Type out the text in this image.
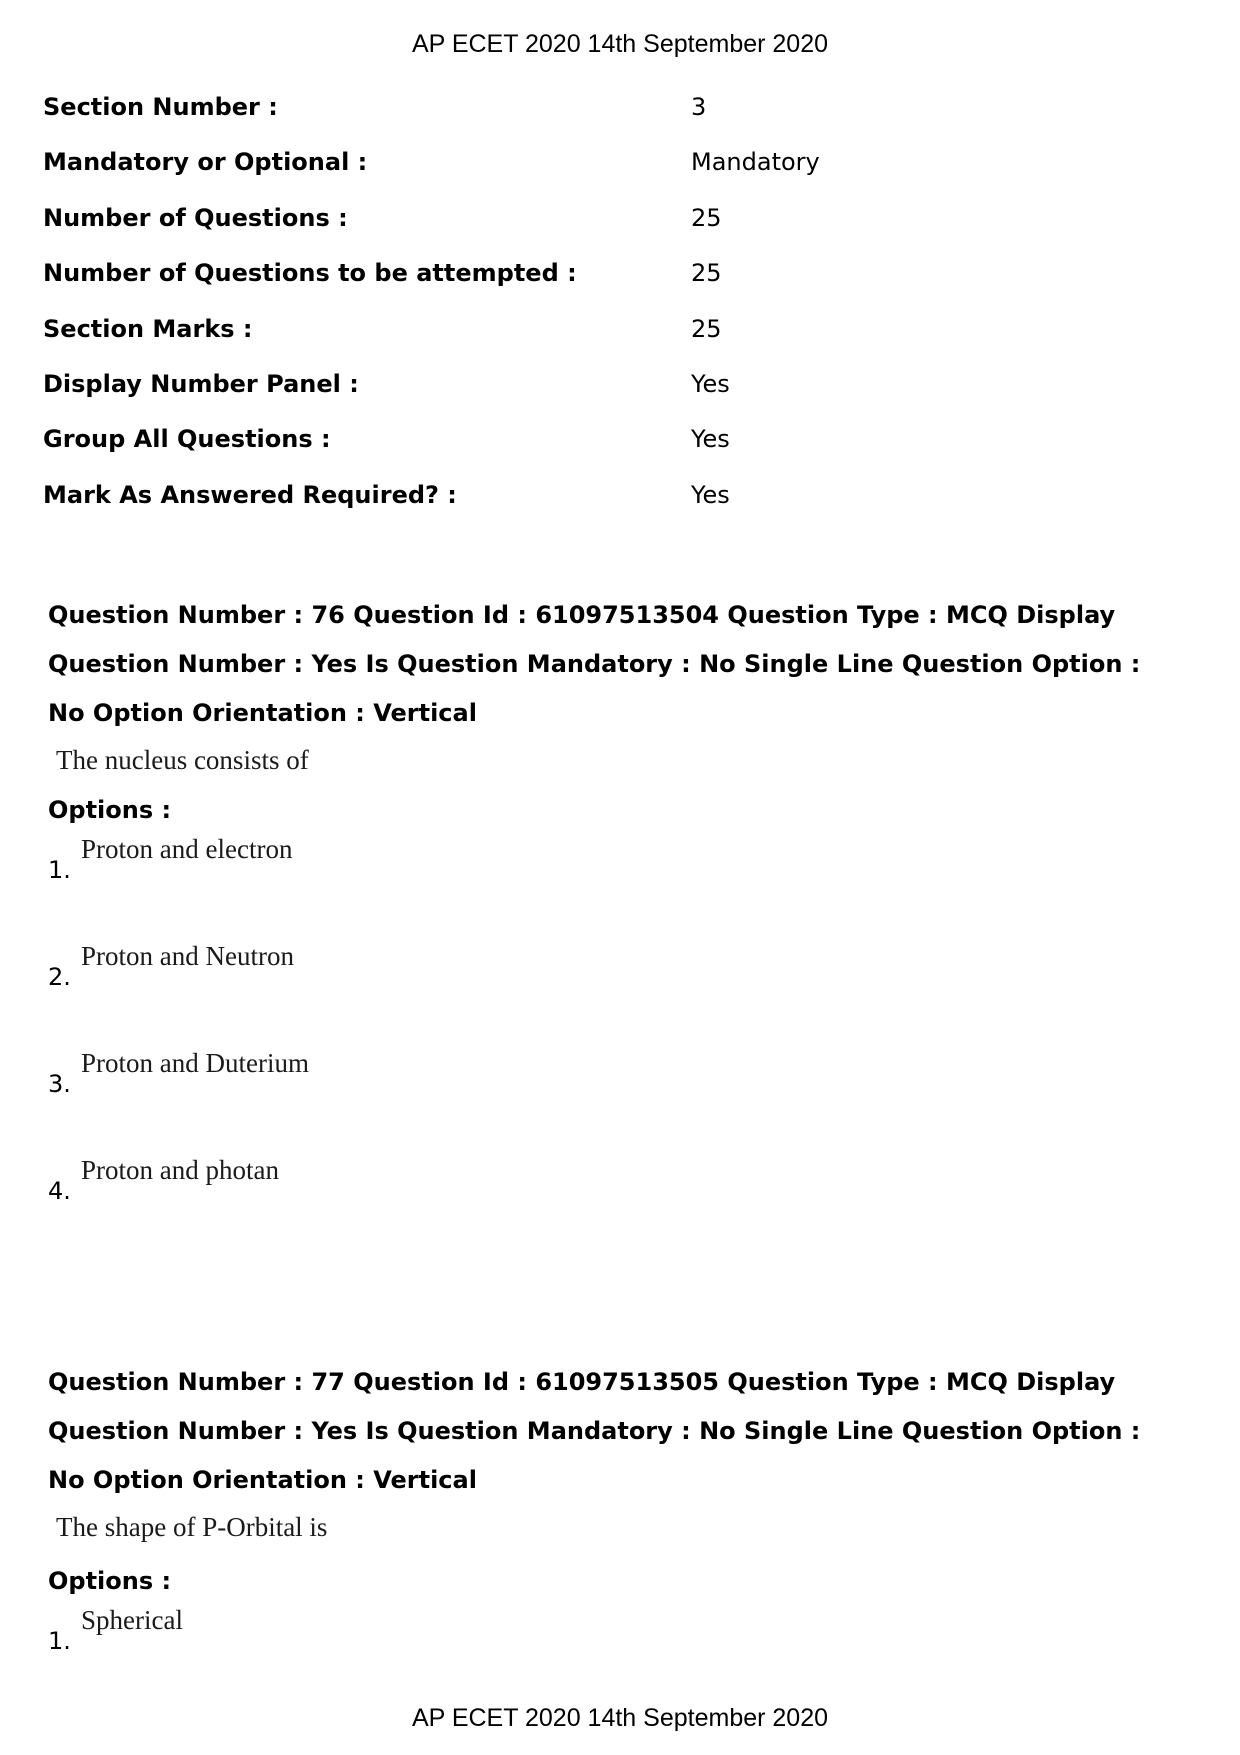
AP ECET 2020 14th September 2020
Section Number :	3
Mandatory or Optional :	Mandatory
Number of Questions :	25
Number of Questions to be attempted :	25
Section Marks :	25
Display Number Panel :	Yes
Group All Questions :	Yes
Mark As Answered Required? :	Yes
Question Number : 76 Question Id : 61097513504 Question Type : MCQ Display Question Number : Yes Is Question Mandatory : No Single Line Question Option : No Option Orientation : Vertical
The nucleus consists of
Options :
1.
Proton and electron
2.
Proton and Neutron
3.
Proton and Duterium
4.
Proton and photan
Question Number : 77 Question Id : 61097513505 Question Type : MCQ Display Question Number : Yes Is Question Mandatory : No Single Line Question Option : No Option Orientation : Vertical
The shape of P-Orbital is
Options :
1.
Spherical
AP ECET 2020 14th September 2020
